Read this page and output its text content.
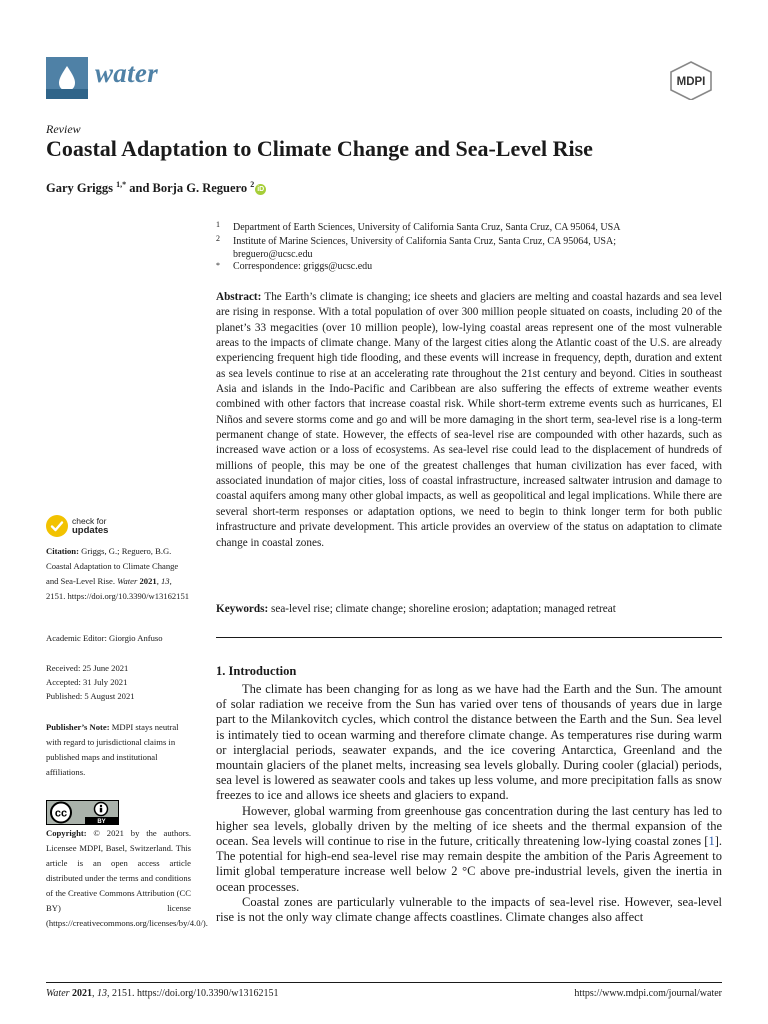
water	MDPI
Review
Coastal Adaptation to Climate Change and Sea-Level Rise
Gary Griggs $^{1,*}$ and Borja G. Reguero $^2$iD
1 Department of Earth Sciences, University of California Santa Cruz, Santa Cruz, CA 95064, USA
2 Institute of Marine Sciences, University of California Santa Cruz, Santa Cruz, CA 95064, USA;
breguero@ucsc.edu
* Correspondence: griggs@ucsc.edu
Abstract: The Earth’s climate is changing; ice sheets and glaciers are melting and coastal hazards and sea level are rising in response. With a total population of over 300 million people situated on coasts, including 20 of the planet’s 33 megacities (over 10 million people), low-lying coastal areas represent one of the most vulnerable areas to the impacts of climate change. Many of the largest cities along the Atlantic coast of the U.S. are already experiencing frequent high tide flooding, and these events will increase in frequency, depth, duration and extent as sea levels continue to rise at an accelerating rate throughout the 21st century and beyond. Cities in southeast Asia and islands in the Indo-Pacific and Caribbean are also suffering the effects of extreme weather events combined with other factors that increase coastal risk. While short-term extreme events such as hurricanes, El Niños and severe storms come and go and will be more damaging in the short term, sea-level rise is a long-term permanent change of state. However, the effects of sea-level rise are compounded with other hazards, such as increased wave action or a loss of ecosystems. As sea-level rise could lead to the displacement of hundreds of millions of people, this may be one of the greatest challenges that human civilization has ever faced, with associated inundation of major cities, loss of coastal infrastructure, increased saltwater intrusion and damage to coastal aquifers among many other global impacts, as well as geopolitical and legal implications. While there are several short-term responses or adaptation options, we need to begin to think longer term for both public infrastructure and private development. This article provides an overview of the status on adaptation to climate change in coastal zones.
Keywords: sea-level rise; climate change; shoreline erosion; adaptation; managed retreat
1. Introduction

The climate has been changing for as long as we have had the Earth and the Sun. The amount of solar radiation we receive from the Sun has varied over tens of thousands of years due in large part to the Milankovitch cycles, which control the distance between the Earth and the Sun. Sea level is intimately tied to ocean warming and therefore climate change. As temperatures rise during warm or interglacial periods, seawater expands, and the ice covering Antarctica, Greenland and the mountain glaciers of the planet melts, increasing sea levels globally. During cooler (glacial) periods, sea level is lowered as seawater cools and takes up less volume, and more precipitation falls as snow freezes to ice and allows ice sheets and glaciers to expand.

However, global warming from greenhouse gas concentration during the last century has led to higher sea levels, globally driven by the melting of ice sheets and the thermal expansion of the ocean. Sea levels will continue to rise in the future, critically threatening low-lying coastal zones [1]. The potential for high-end sea-level rise may remain despite the ambition of the Paris Agreement to limit global temperature increase well below 2 °C above pre-industrial levels, given the inertia in ocean processes.

Coastal zones are particularly vulnerable to the impacts of sea-level rise. However, sea-level rise is not the only way climate change affects coastlines. Climate changes also affect

check for
updates
Citation: Griggs, G.; Reguero, B.G. Coastal Adaptation to Climate Change and Sea-Level Rise. Water 2021, 13, 2151. https://doi.org/10.3390/w13162151
Academic Editor: Giorgio Anfuso
Received: 25 June 2021
Accepted: 31 July 2021
Published: 5 August 2021
Publisher’s Note: MDPI stays neutral with regard to jurisdictional claims in published maps and institutional affiliations.
cc
BY
Copyright: © 2021 by the authors. Licensee MDPI, Basel, Switzerland. This article is an open access article distributed under the terms and conditions of the Creative Commons Attribution (CC BY) license (https://creativecommons.org/licenses/by/4.0/).
Water 2021, 13, 2151. https://doi.org/10.3390/w13162151	https://www.mdpi.com/journal/water
